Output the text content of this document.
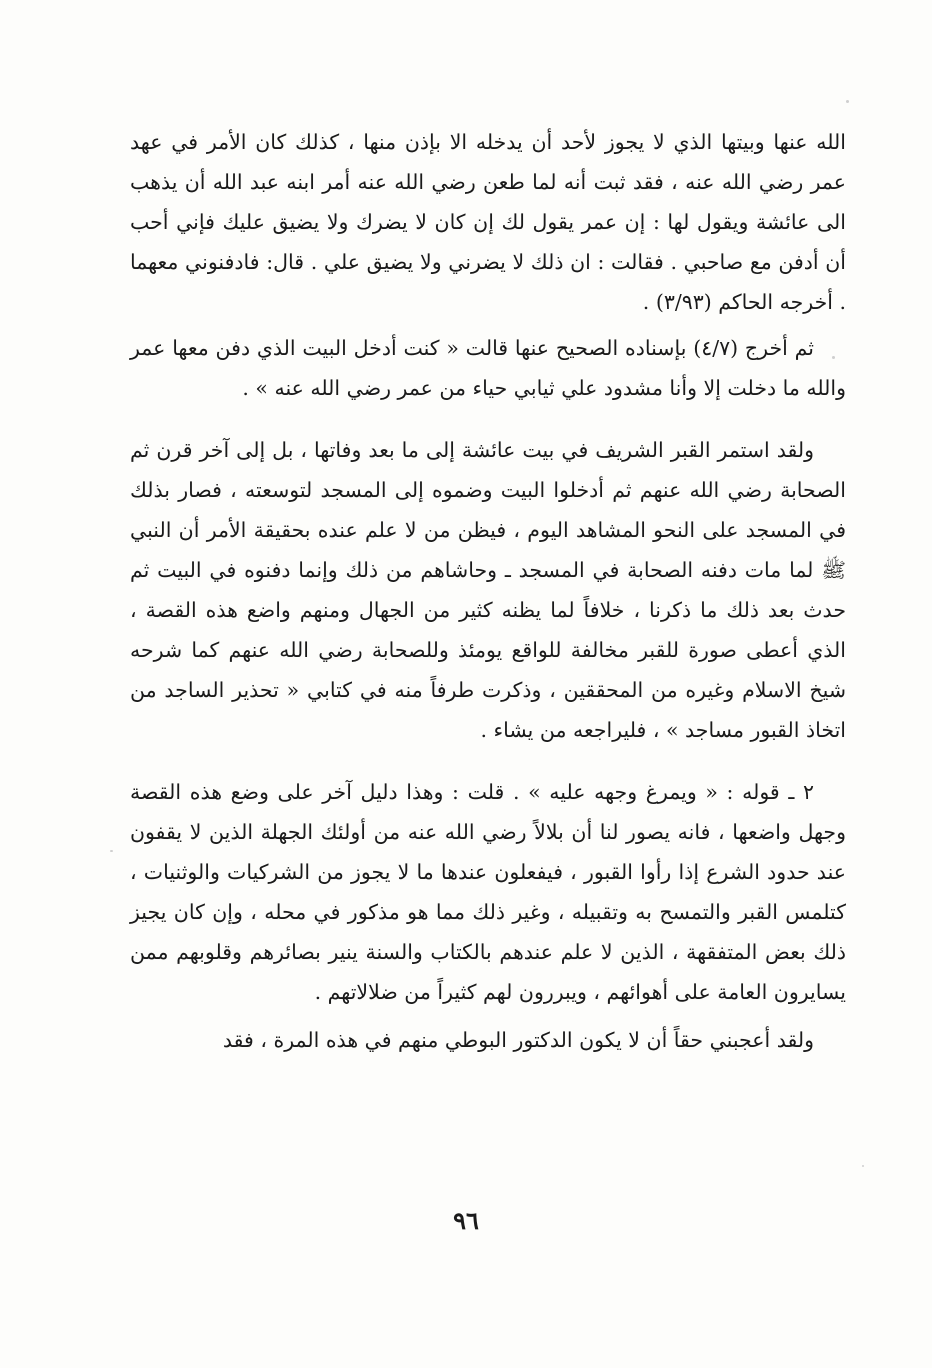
الله عنها وبيتها الذي لا يجوز لأحد أن يدخله الا بإذن منها ، كذلك كان الأمر في عهد عمر رضي الله عنه ، فقد ثبت أنه لما طعن رضي الله عنه أمر ابنه عبد الله أن يذهب الى عائشة ويقول لها : إن عمر يقول لك إن كان لا يضرك ولا يضيق عليك فإني أحب أن أدفن مع صاحبي . فقالت : ان ذلك لا يضرني ولا يضيق علي . قال: فادفنوني معهما . أخرجه الحاكم (٣/٩٣) .

ثم أخرج (٤/٧) بإسناده الصحيح عنها قالت « كنت أدخل البيت الذي دفن معها عمر والله ما دخلت إلا وأنا مشدود علي ثيابي حياء من عمر رضي الله عنه » .

ولقد استمر القبر الشريف في بيت عائشة إلى ما بعد وفاتها ، بل إلى آخر قرن ثم الصحابة رضي الله عنهم ثم أدخلوا البيت وضموه إلى المسجد لتوسعته ، فصار بذلك في المسجد على النحو المشاهد اليوم ، فيظن من لا علم عنده بحقيقة الأمر أن النبي ﷺ لما مات دفنه الصحابة في المسجد ـ وحاشاهم من ذلك وإنما دفنوه في البيت ثم حدث بعد ذلك ما ذكرنا ، خلافاً لما يظنه كثير من الجهال ومنهم واضع هذه القصة ، الذي أعطى صورة للقبر مخالفة للواقع يومئذ وللصحابة رضي الله عنهم كما شرحه شيخ الاسلام وغيره من المحققين ، وذكرت طرفاً منه في كتابي « تحذير الساجد من اتخاذ القبور مساجد » ، فليراجعه من يشاء .

٢ ـ قوله : « ويمرغ وجهه عليه » . قلت : وهذا دليل آخر على وضع هذه القصة وجهل واضعها ، فانه يصور لنا أن بلالاً رضي الله عنه من أولئك الجهلة الذين لا يقفون عند حدود الشرع إذا رأوا القبور ، فيفعلون عندها ما لا يجوز من الشركيات والوثنيات ، كتلمس القبر والتمسح به وتقبيله ، وغير ذلك مما هو مذكور في محله ، وإن كان يجيز ذلك بعض المتفقهة ، الذين لا علم عندهم بالكتاب والسنة ينير بصائرهم وقلوبهم ممن يسايرون العامة على أهوائهم ، ويبررون لهم كثيراً من ضلالاتهم .

ولقد أعجبني حقاً أن لا يكون الدكتور البوطي منهم في هذه المرة ، فقد

٩٦
